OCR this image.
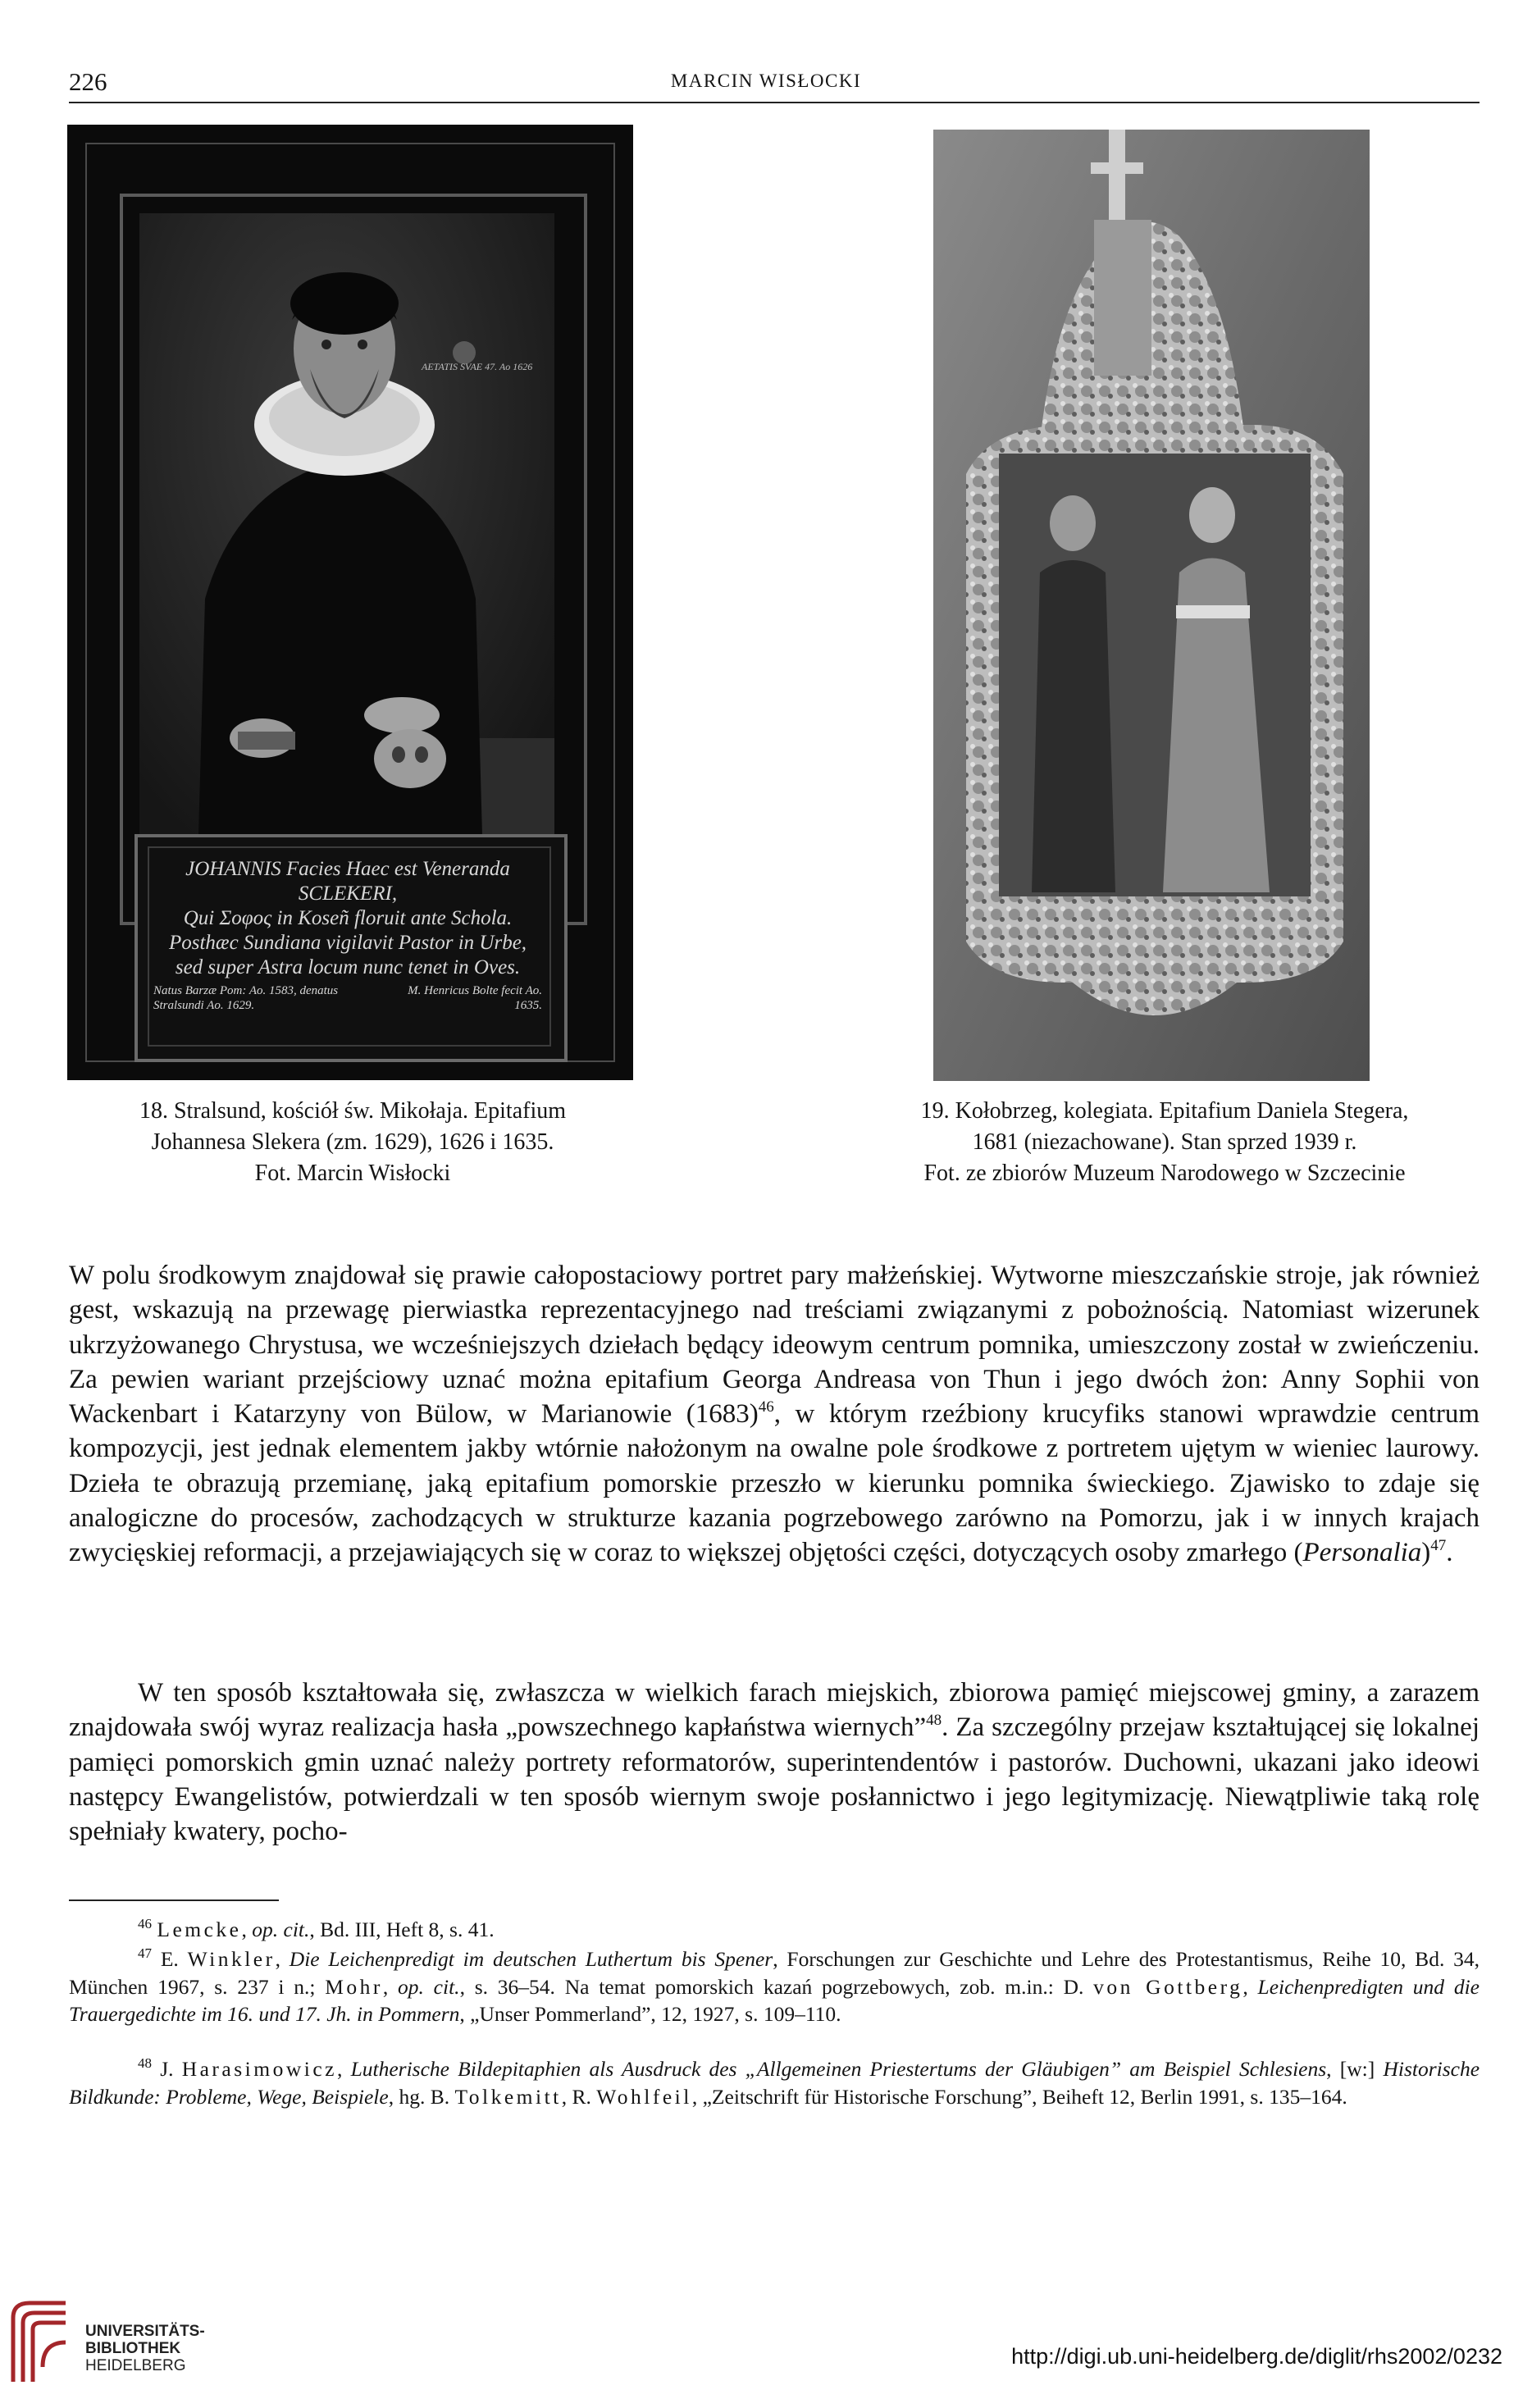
226	MARCIN WISŁOCKI
AETATIS SVAE 47. Ao 1626
JOHANNIS Facies Haec est Veneranda SCLEKERI,
Qui Σοφος in Koseñ floruit ante Schola.
Posthæc Sundiana vigilavit Pastor in Urbe,
sed super Astra locum nunc tenet in Oves.
Natus Barzæ Pom: Ao. 1583, denatus Stralsundi Ao. 1629.
M. Henricus Bolte fecit Ao. 1635.
18. Stralsund, kościół św. Mikołaja. Epitafium
Johannesa Slekera (zm. 1629), 1626 i 1635.
Fot. Marcin Wisłocki
19. Kołobrzeg, kolegiata. Epitafium Daniela Stegera,
1681 (niezachowane). Stan sprzed 1939 r.
Fot. ze zbiorów Muzeum Narodowego w Szczecinie

W polu środkowym znajdował się prawie całopostaciowy portret pary małżeńskiej. Wytworne mieszczańskie stroje, jak również gest, wskazują na przewagę pierwiastka reprezentacyjnego nad treściami związanymi z pobożnością. Natomiast wizerunek ukrzyżowanego Chrystusa, we wcześniejszych dziełach będący ideowym centrum pomnika, umieszczony został w zwieńczeniu. Za pewien wariant przejściowy uznać można epitafium Georga Andreasa von Thun i jego dwóch żon: Anny Sophii von Wackenbart i Katarzyny von Bülow, w Marianowie $(1683)^{46}$, w którym rzeźbiony krucyfiks stanowi wprawdzie centrum kompozycji, jest jednak elementem jakby wtórnie nałożonym na owalne pole środkowe z portretem ujętym w wieniec laurowy. Dzieła te obrazują przemianę, jaką epitafium pomorskie przeszło w kierunku pomnika świeckiego. Zjawisko to zdaje się analogiczne do procesów, zachodzących w strukturze kazania pogrzebowego zarówno na Pomorzu, jak i w innych krajach zwycięskiej reformacji, a przejawiających się w coraz to większej objętości części, dotyczących osoby zmarłego (Personalia)$^{47}$.

W ten sposób kształtowała się, zwłaszcza w wielkich farach miejskich, zbiorowa pamięć miejscowej gminy, a zarazem znajdowała swój wyraz realizacja hasła „powszechnego kapłaństwa wiernych”$^{48}$. Za szczególny przejaw kształtującej się lokalnej pamięci pomorskich gmin uznać należy portrety reformatorów, superintendentów i pastorów. Duchowni, ukazani jako ideowi następcy Ewangelistów, potwierdzali w ten sposób wiernym swoje posłannictwo i jego legitymizację. Niewątpliwie taką rolę spełniały kwatery, pocho-

$^{46}$ Lemcke, op. cit., Bd. III, Heft 8, s. 41.

$^{47}$ E. Winkler, Die Leichenpredigt im deutschen Luthertum bis Spener, Forschungen zur Geschichte und Lehre des Protestantismus, Reihe 10, Bd. 34, München 1967, s. 237 i n.; Mohr, op. cit., s. 36–54. Na temat pomorskich kazań pogrzebowych, zob. m.in.: D. von Gottberg, Leichenpredigten und die Trauergedichte im 16. und 17. Jh. in Pommern, „Unser Pommerland”, 12, 1927, s. 109–110.

$^{48}$ J. Harasimowicz, Lutherische Bildepitaphien als Ausdruck des „Allgemeinen Priestertums der Gläubigen” am Beispiel Schlesiens, [w:] Historische Bildkunde: Probleme, Wege, Beispiele, hg. B. Tolkemitt, R. Wohlfeil, „Zeitschrift für Historische Forschung”, Beiheft 12, Berlin 1991, s. 135–164.

UNIVERSITÄTS-
BIBLIOTHEK
HEIDELBERG	http://digi.ub.uni-heidelberg.de/diglit/rhs2002/0232
